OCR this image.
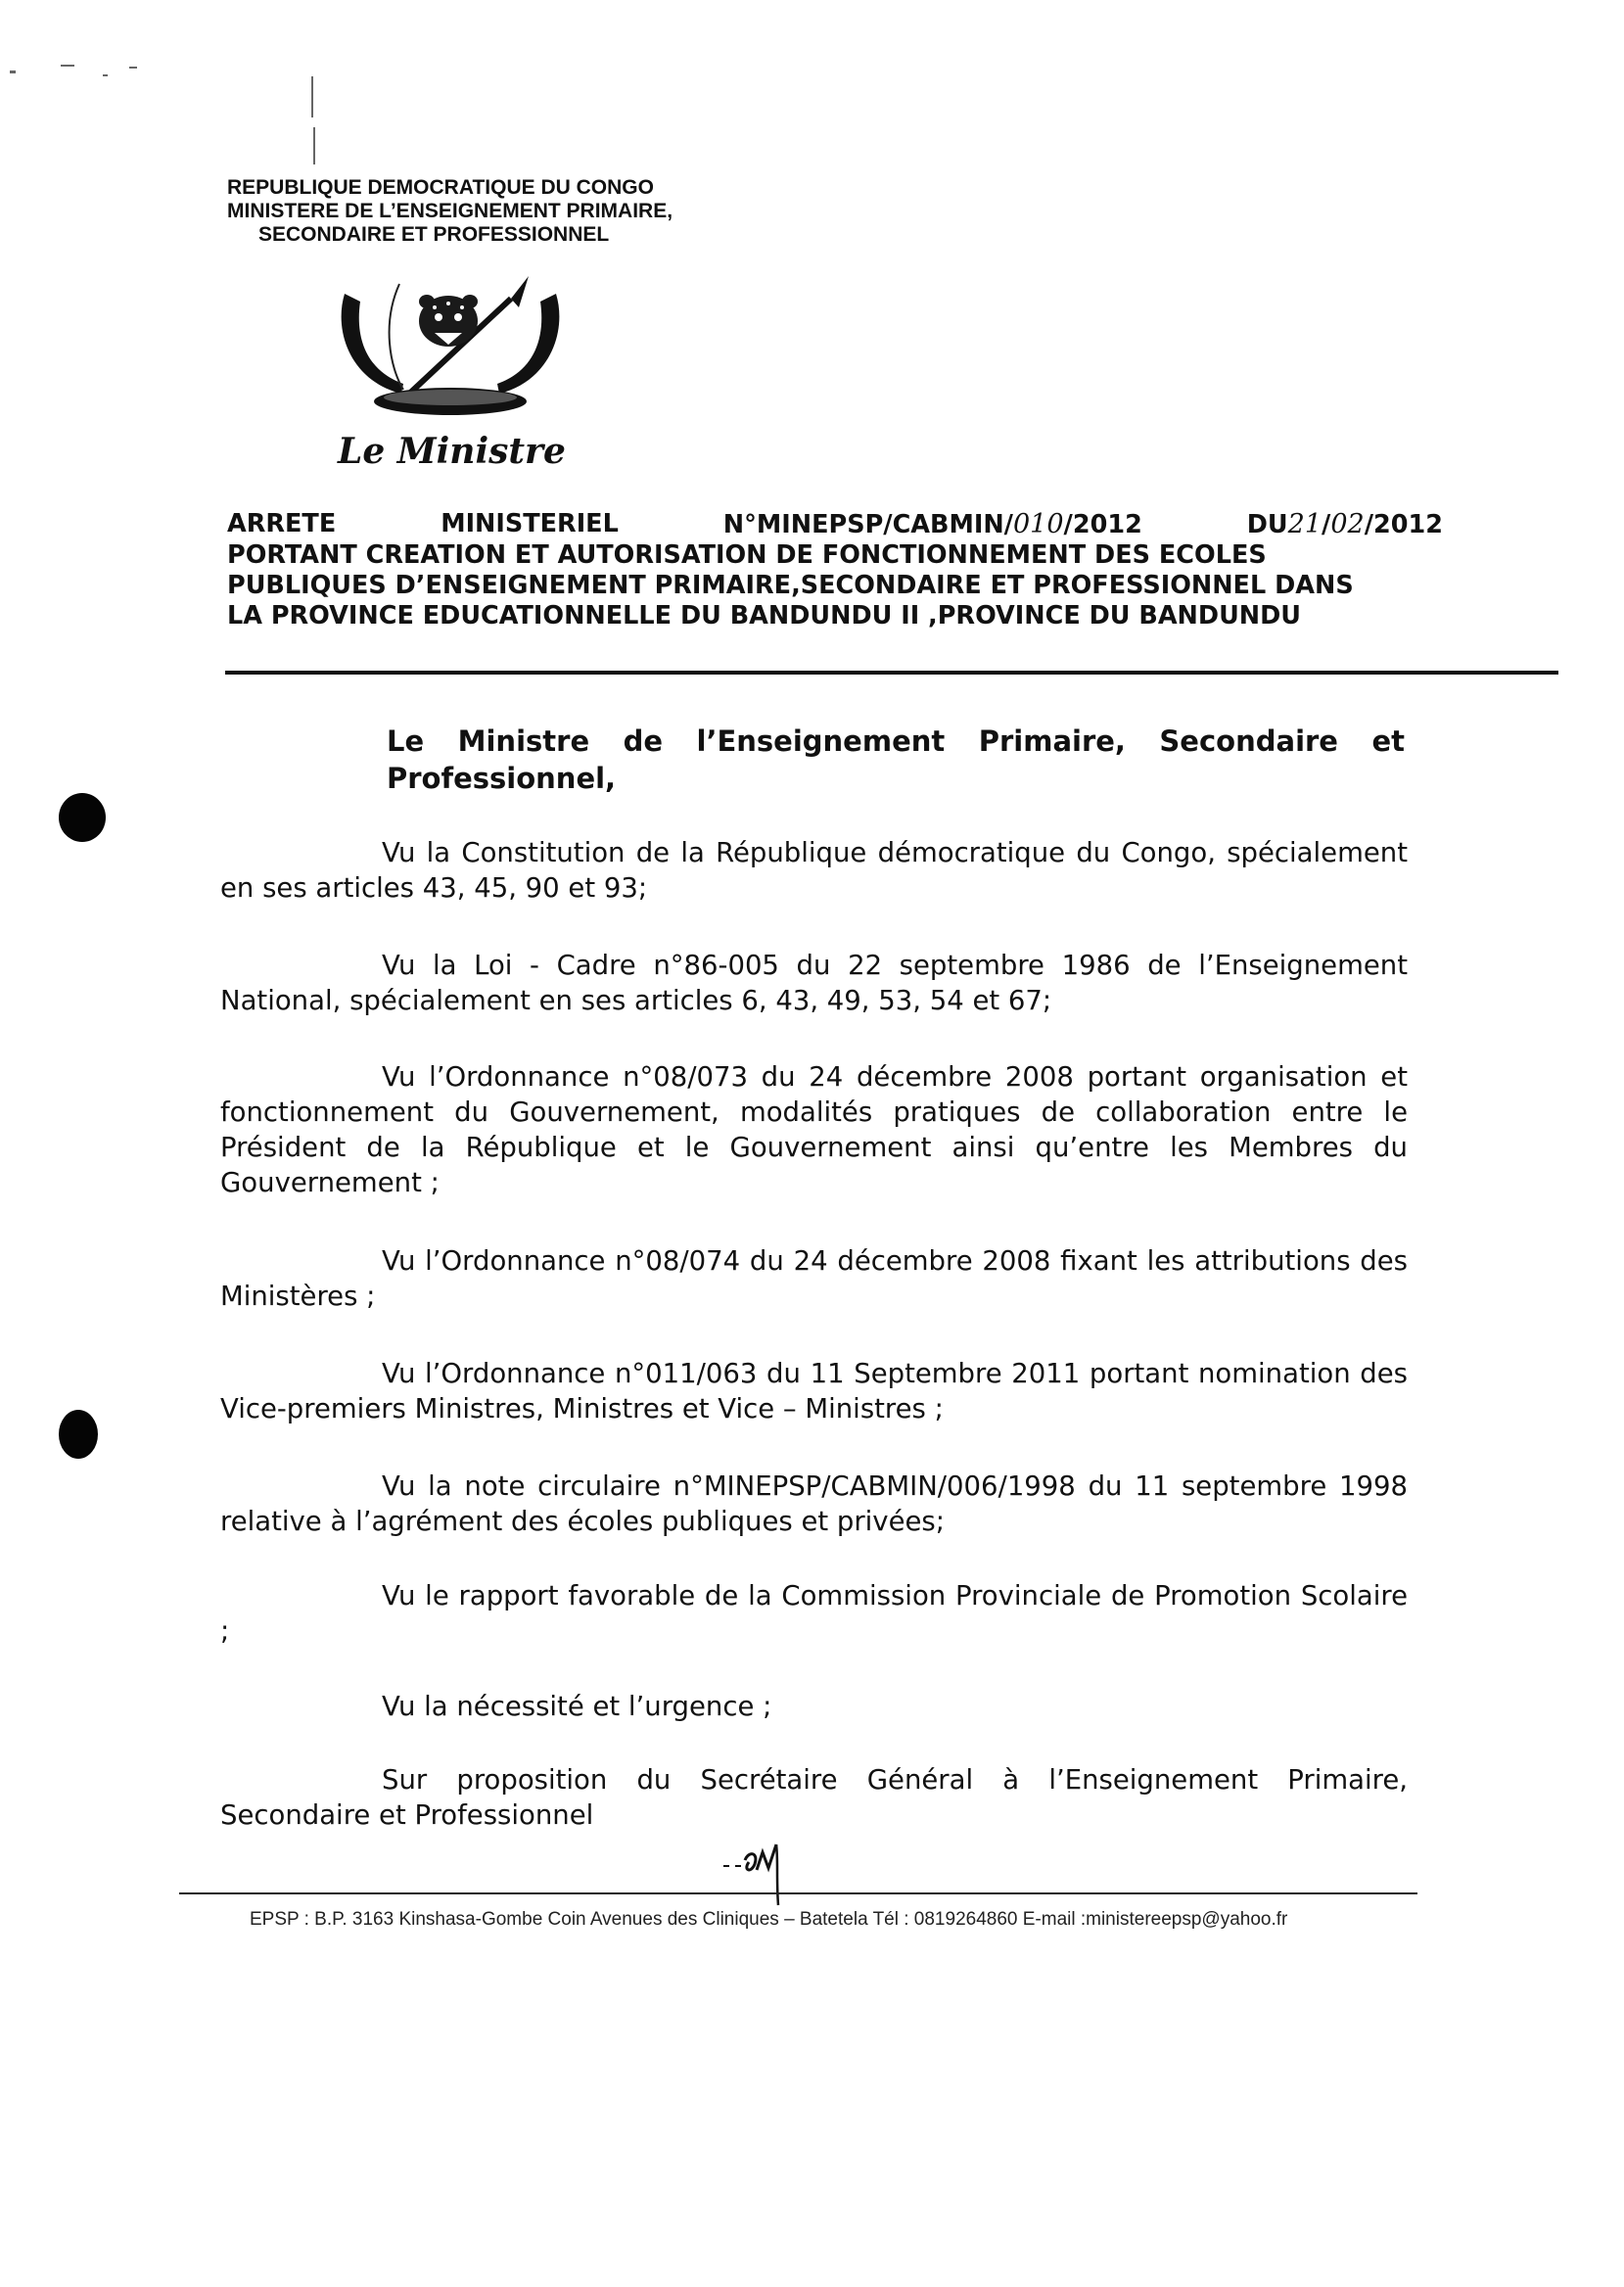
REPUBLIQUE DEMOCRATIQUE DU CONGO
MINISTERE DE L’ENSEIGNEMENT PRIMAIRE,
SECONDAIRE ET PROFESSIONNEL
Le Ministre
ARRETE	MINISTERIEL	N°MINEPSP/CABMIN/010/2012	DU21/02/2012
PORTANT CREATION ET AUTORISATION DE FONCTIONNEMENT DES ECOLES
PUBLIQUES D’ENSEIGNEMENT PRIMAIRE,SECONDAIRE ET PROFESSIONNEL DANS
LA PROVINCE EDUCATIONNELLE DU BANDUNDU II ,PROVINCE DU BANDUNDU
Le Ministre de l’Enseignement Primaire, Secondaire et Professionnel,
Vu la Constitution de la République démocratique du Congo, spécialement en ses articles 43, 45, 90 et 93;
Vu la Loi - Cadre n°86-005 du 22 septembre 1986 de l’Enseignement National, spécialement en ses articles 6, 43, 49, 53, 54 et 67;
Vu l’Ordonnance n°08/073 du 24 décembre 2008 portant organisation et fonctionnement du Gouvernement, modalités pratiques de collaboration entre le Président de la République et le Gouvernement ainsi qu’entre les Membres du Gouvernement ;
Vu l’Ordonnance n°08/074 du 24 décembre 2008 fixant les attributions des Ministères ;
Vu l’Ordonnance n°011/063 du 11 Septembre 2011 portant nomination des Vice-premiers Ministres, Ministres et Vice – Ministres ;
Vu la note circulaire n°MINEPSP/CABMIN/006/1998 du 11 septembre 1998 relative à l’agrément des écoles publiques et privées;
Vu le rapport favorable de la Commission Provinciale de Promotion Scolaire ;
Vu la nécessité et l’urgence ;
Sur proposition du Secrétaire Général à l’Enseignement Primaire, Secondaire et Professionnel
EPSP : B.P. 3163 Kinshasa-Gombe Coin Avenues des Cliniques – Batetela Tél : 0819264860 E-mail :ministereepsp@yahoo.fr
